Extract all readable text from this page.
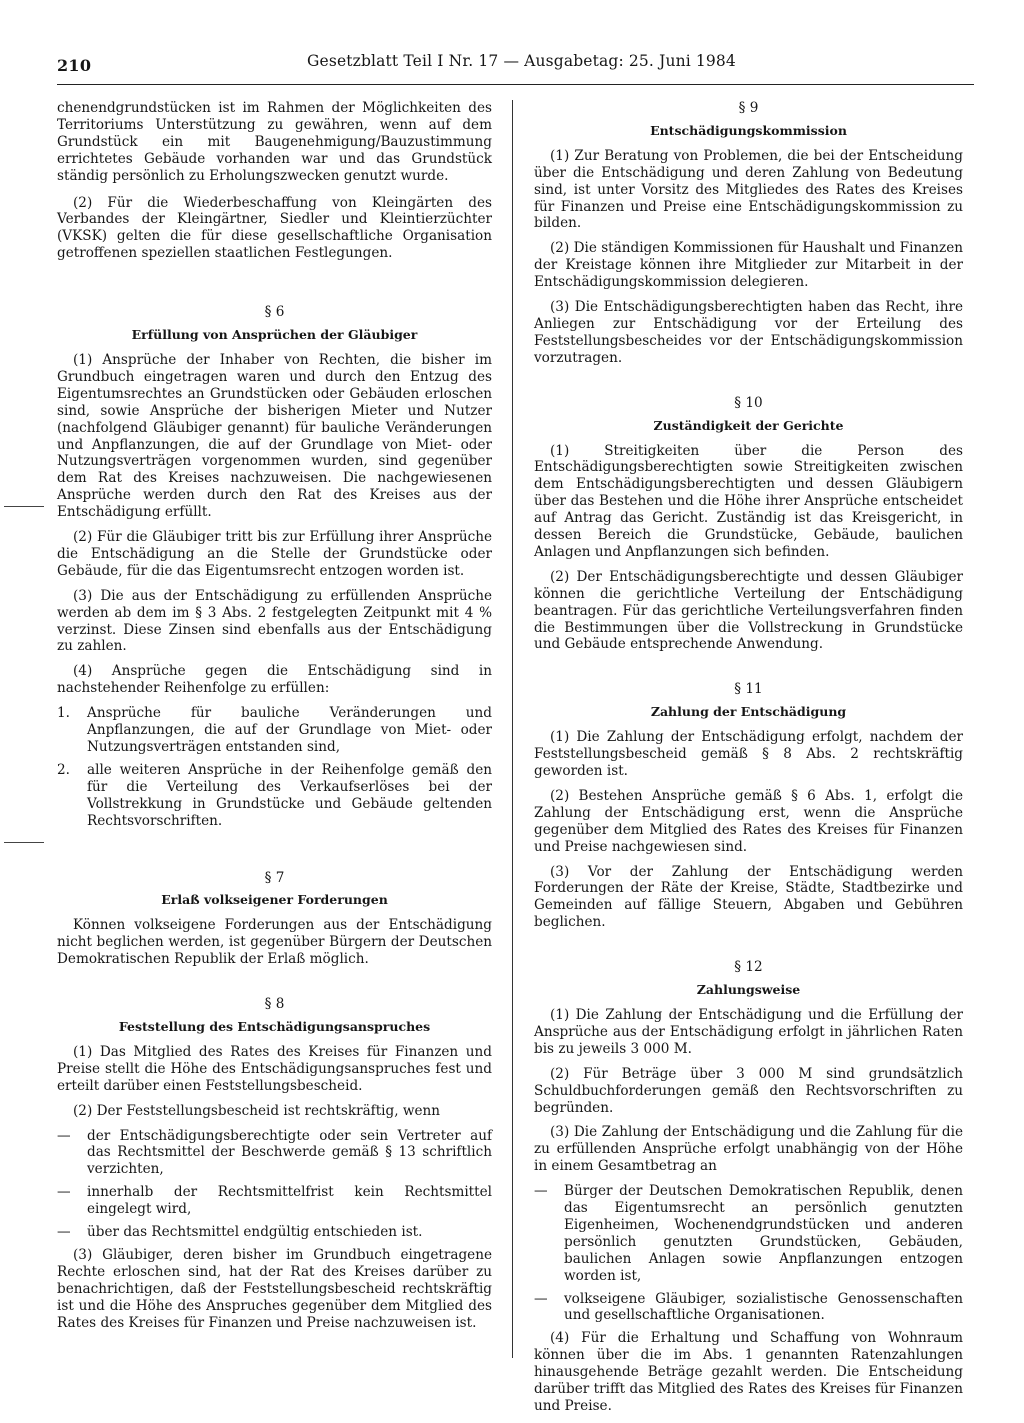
210	Gesetzblatt Teil I Nr. 17 — Ausgabetag: 25. Juni 1984

chenendgrundstücken ist im Rahmen der Möglichkeiten des Territoriums Unterstützung zu gewähren, wenn auf dem Grundstück ein mit Baugenehmigung/Bauzustimmung errichtetes Gebäude vorhanden war und das Grundstück ständig persönlich zu Erholungszwecken genutzt wurde.

(2) Für die Wiederbeschaffung von Kleingärten des Verbandes der Kleingärtner, Siedler und Kleintierzüchter (VKSK) gelten die für diese gesellschaftliche Organisation getroffenen speziellen staatlichen Festlegungen.

§ 6
Erfüllung von Ansprüchen der Gläubiger

(1) Ansprüche der Inhaber von Rechten, die bisher im Grundbuch eingetragen waren und durch den Entzug des Eigentumsrechtes an Grundstücken oder Gebäuden erloschen sind, sowie Ansprüche der bisherigen Mieter und Nutzer (nachfolgend Gläubiger genannt) für bauliche Veränderungen und Anpflanzungen, die auf der Grundlage von Miet- oder Nutzungsverträgen vorgenommen wurden, sind gegenüber dem Rat des Kreises nachzuweisen. Die nachgewiesenen Ansprüche werden durch den Rat des Kreises aus der Entschädigung erfüllt.

(2) Für die Gläubiger tritt bis zur Erfüllung ihrer Ansprüche die Entschädigung an die Stelle der Grundstücke oder Gebäude, für die das Eigentumsrecht entzogen worden ist.

(3) Die aus der Entschädigung zu erfüllenden Ansprüche werden ab dem im § 3 Abs. 2 festgelegten Zeitpunkt mit 4 % verzinst. Diese Zinsen sind ebenfalls aus der Entschädigung zu zahlen.

(4) Ansprüche gegen die Entschädigung sind in nachstehender Reihenfolge zu erfüllen:

1.	Ansprüche für bauliche Veränderungen und Anpflanzungen, die auf der Grundlage von Miet- oder Nutzungsverträgen entstanden sind,
2.	alle weiteren Ansprüche in der Reihenfolge gemäß den für die Verteilung des Verkaufserlöses bei der Vollstrekkung in Grundstücke und Gebäude geltenden Rechtsvorschriften.
§ 7
Erlaß volkseigener Forderungen

Können volkseigene Forderungen aus der Entschädigung nicht beglichen werden, ist gegenüber Bürgern der Deutschen Demokratischen Republik der Erlaß möglich.

§ 8
Feststellung des Entschädigungsanspruches

(1) Das Mitglied des Rates des Kreises für Finanzen und Preise stellt die Höhe des Entschädigungsanspruches fest und erteilt darüber einen Feststellungsbescheid.

(2) Der Feststellungsbescheid ist rechtskräftig, wenn

—	der Entschädigungsberechtigte oder sein Vertreter auf das Rechtsmittel der Beschwerde gemäß § 13 schriftlich verzichten,
—	innerhalb der Rechtsmittelfrist kein Rechtsmittel eingelegt wird,
—	über das Rechtsmittel endgültig entschieden ist.

(3) Gläubiger, deren bisher im Grundbuch eingetragene Rechte erloschen sind, hat der Rat des Kreises darüber zu benachrichtigen, daß der Feststellungsbescheid rechtskräftig ist und die Höhe des Anspruches gegenüber dem Mitglied des Rates des Kreises für Finanzen und Preise nachzuweisen ist.

§ 9
Entschädigungskommission

(1) Zur Beratung von Problemen, die bei der Entscheidung über die Entschädigung und deren Zahlung von Bedeutung sind, ist unter Vorsitz des Mitgliedes des Rates des Kreises für Finanzen und Preise eine Entschädigungskommission zu bilden.

(2) Die ständigen Kommissionen für Haushalt und Finanzen der Kreistage können ihre Mitglieder zur Mitarbeit in der Entschädigungskommission delegieren.

(3) Die Entschädigungsberechtigten haben das Recht, ihre Anliegen zur Entschädigung vor der Erteilung des Feststellungsbescheides vor der Entschädigungskommission vorzutragen.

§ 10
Zuständigkeit der Gerichte

(1) Streitigkeiten über die Person des Entschädigungsberechtigten sowie Streitigkeiten zwischen dem Entschädigungsberechtigten und dessen Gläubigern über das Bestehen und die Höhe ihrer Ansprüche entscheidet auf Antrag das Gericht. Zuständig ist das Kreisgericht, in dessen Bereich die Grundstücke, Gebäude, baulichen Anlagen und Anpflanzungen sich befinden.

(2) Der Entschädigungsberechtigte und dessen Gläubiger können die gerichtliche Verteilung der Entschädigung beantragen. Für das gerichtliche Verteilungsverfahren finden die Bestimmungen über die Vollstreckung in Grundstücke und Gebäude entsprechende Anwendung.

§ 11
Zahlung der Entschädigung

(1) Die Zahlung der Entschädigung erfolgt, nachdem der Feststellungsbescheid gemäß § 8 Abs. 2 rechtskräftig geworden ist.

(2) Bestehen Ansprüche gemäß § 6 Abs. 1, erfolgt die Zahlung der Entschädigung erst, wenn die Ansprüche gegenüber dem Mitglied des Rates des Kreises für Finanzen und Preise nachgewiesen sind.

(3) Vor der Zahlung der Entschädigung werden Forderungen der Räte der Kreise, Städte, Stadtbezirke und Gemeinden auf fällige Steuern, Abgaben und Gebühren beglichen.

§ 12
Zahlungsweise

(1) Die Zahlung der Entschädigung und die Erfüllung der Ansprüche aus der Entschädigung erfolgt in jährlichen Raten bis zu jeweils 3 000 M.

(2) Für Beträge über 3 000 M sind grundsätzlich Schuldbuchforderungen gemäß den Rechtsvorschriften zu begründen.

(3) Die Zahlung der Entschädigung und die Zahlung für die zu erfüllenden Ansprüche erfolgt unabhängig von der Höhe in einem Gesamtbetrag an

—	Bürger der Deutschen Demokratischen Republik, denen das Eigentumsrecht an persönlich genutzten Eigenheimen, Wochenendgrundstücken und anderen persönlich genutzten Grundstücken, Gebäuden, baulichen Anlagen sowie Anpflanzungen entzogen worden ist,
—	volkseigene Gläubiger, sozialistische Genossenschaften und gesellschaftliche Organisationen.

(4) Für die Erhaltung und Schaffung von Wohnraum können über die im Abs. 1 genannten Ratenzahlungen hinausgehende Beträge gezahlt werden. Die Entscheidung darüber trifft das Mitglied des Rates des Kreises für Finanzen und Preise.
